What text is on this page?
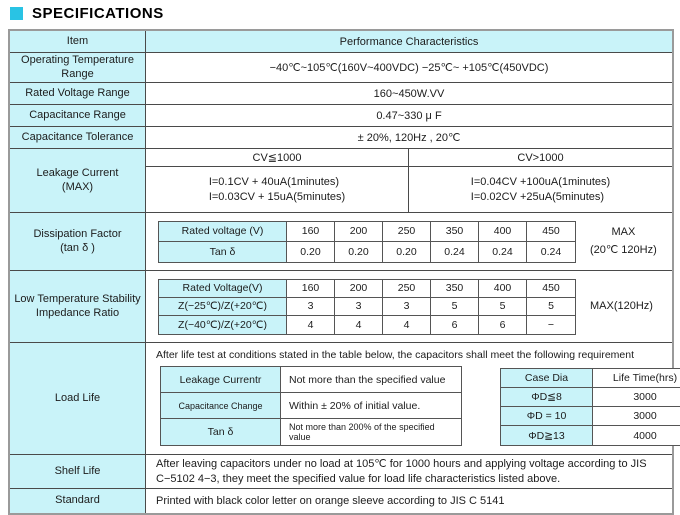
SPECIFICATIONS
Item	Performance Characteristics
Operating Temperature
Range	−40℃~105℃(160V~400VDC) −25℃~ +105℃(450VDC)
Rated Voltage Range	160~450W.VV
Capacitance Range	0.47~330 μ F
Capacitance Tolerance	± 20%, 120Hz , 20℃
Leakage Current
(MAX)
CV≦1000
I=0.1CV + 40uA(1minutes)
I=0.03CV + 15uA(5minutes)
CV>1000
I=0.04CV +100uA(1minutes)
I=0.02CV +25uA(5minutes)
Dissipation Factor
(tan δ )
Rated voltage (V)	160	200	250	350	400	450
Tan δ	0.20	0.20	0.20	0.24	0.24	0.24
MAX
(20℃ 120Hz)
Low Temperature Stability
Impedance Ratio
Rated Voltage(V)	160	200	250	350	400	450
Z(−25℃)/Z(+20℃)	3	3	3	5	5	5
Z(−40℃)/Z(+20℃)	4	4	4	6	6	−
MAX(120Hz)
Load Life
After life test at conditions stated in the table below, the capacitors shall meet the following requirement
Leakage Currentr	Not more than the specified value
Capacitance Change	Within ± 20% of initial value.
Tan δ	Not more than 200% of the specified value
Case Dia	Life Time(hrs)
ΦD≦8	3000
ΦD = 10	3000
ΦD≧13	4000
Shelf Life
After leaving capacitors under no load at 105℃ for 1000 hours and applying voltage according to JIS C−5102 4−3, they meet the specified value for load life characteristics listed above.
Standard	Printed with black color letter on orange sleeve according to JIS C 5141
